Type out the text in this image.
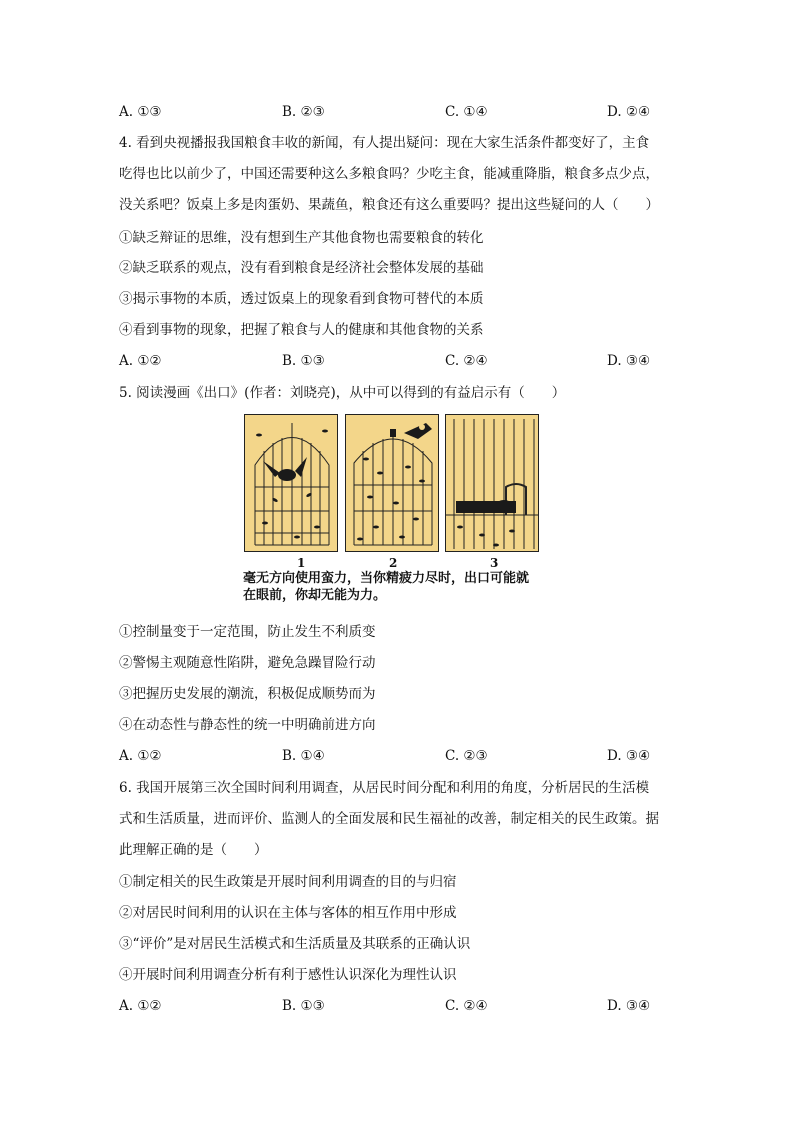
A. ①③	B. ②③	C. ①④	D. ②④
4. 看到央视播报我国粮食丰收的新闻，有人提出疑问：现在大家生活条件都变好了，主食
吃得也比以前少了，中国还需要种这么多粮食吗？少吃主食，能减重降脂，粮食多点少点，
没关系吧？饭桌上多是肉蛋奶、果蔬鱼，粮食还有这么重要吗？提出这些疑问的人（　　）
①缺乏辩证的思维，没有想到生产其他食物也需要粮食的转化
②缺乏联系的观点，没有看到粮食是经济社会整体发展的基础
③揭示事物的本质，透过饭桌上的现象看到食物可替代的本质
④看到事物的现象，把握了粮食与人的健康和其他食物的关系
A. ①②	B. ①③	C. ②④	D. ③④
5. 阅读漫画《出口》(作者：刘晓亮)，从中可以得到的有益启示有（　　）
1	2	3
毫无方向使用蛮力，当你精疲力尽时，出口可能就
在眼前，你却无能为力。
①控制量变于一定范围，防止发生不利质变
②警惕主观随意性陷阱，避免急躁冒险行动
③把握历史发展的潮流，积极促成顺势而为
④在动态性与静态性的统一中明确前进方向
A. ①②	B. ①④	C. ②③	D. ③④
6. 我国开展第三次全国时间利用调查，从居民时间分配和利用的角度，分析居民的生活模
式和生活质量，进而评价、监测人的全面发展和民生福祉的改善，制定相关的民生政策。据
此理解正确的是（　　）
①制定相关的民生政策是开展时间利用调查的目的与归宿
②对居民时间利用的认识在主体与客体的相互作用中形成
③“评价”是对居民生活模式和生活质量及其联系的正确认识
④开展时间利用调查分析有利于感性认识深化为理性认识
A. ①②	B. ①③	C. ②④	D. ③④
